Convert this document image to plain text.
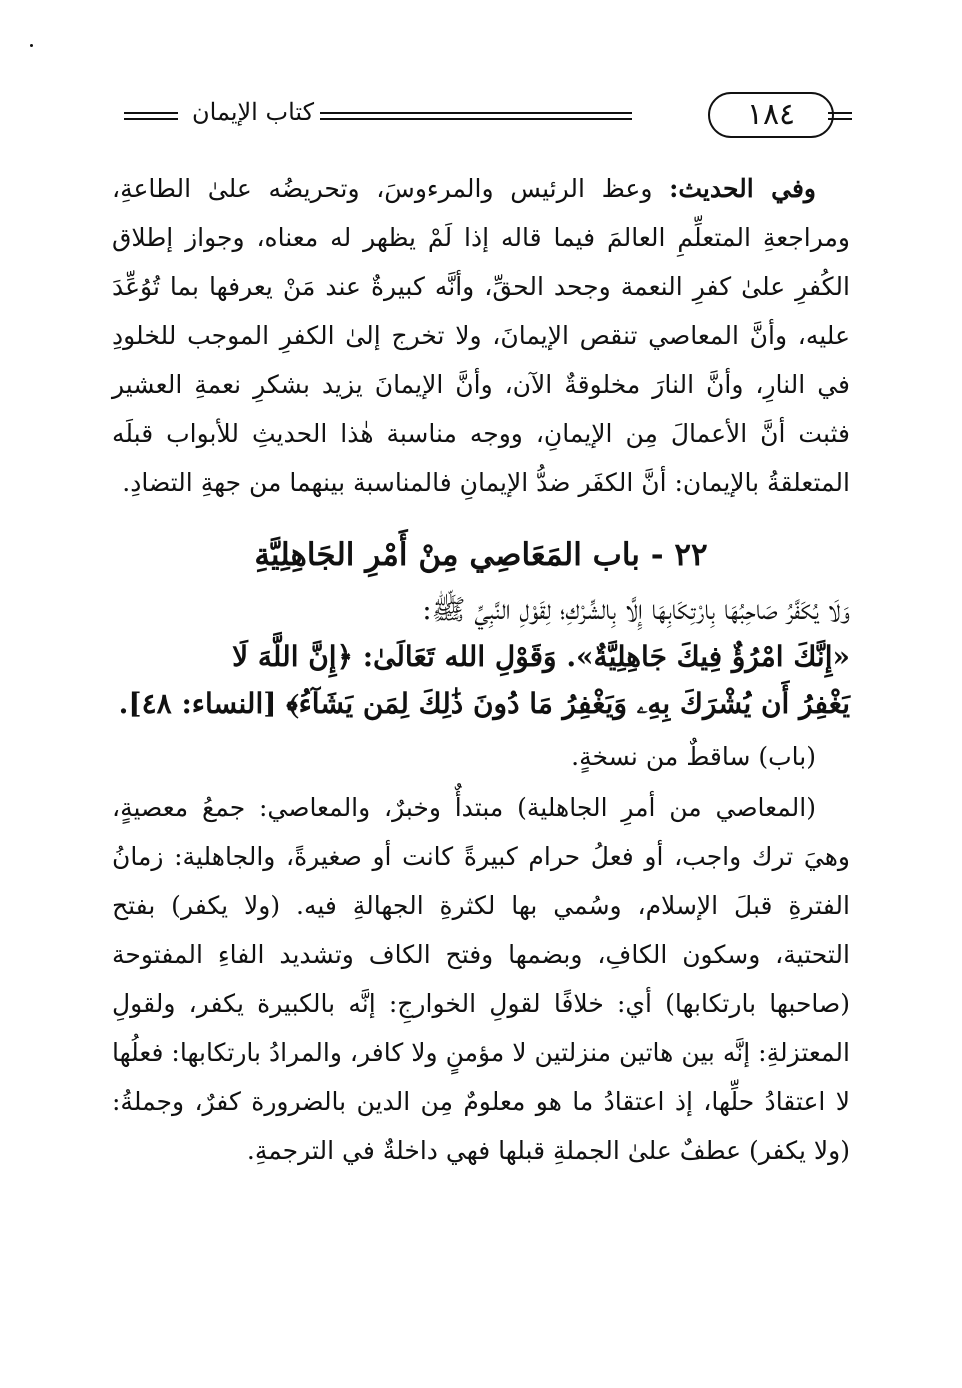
كتاب الإيمان	١٨٤

وفي الحديث: وعظ الرئيس والمرءوسَ، وتحريضُه علىٰ الطاعةِ، ومراجعةِ المتعلِّمِ العالمَ فيما قاله إذا لَمْ يظهر له معناه، وجواز إطلاق الكُفرِ علىٰ كفرِ النعمة وجحد الحقِّ، وأنَّه كبيرةٌ عند مَنْ يعرفها بما تُوُعِّدَ عليه، وأنَّ المعاصي تنقص الإيمانَ، ولا تخرج إلىٰ الكفرِ الموجب للخلودِ في النارِ، وأنَّ النارَ مخلوقةٌ الآن، وأنَّ الإيمانَ يزيد بشكرِ نعمةِ العشير فثبت أنَّ الأعمالَ مِن الإيمانِ، ووجه مناسبة هٰذا الحديثِ للأبواب قبلَه المتعلقةُ بالإيمان: أنَّ الكفَر ضدُّ الإيمانِ فالمناسبة بينهما من جهةِ التضادِ.

٢٢ - باب المَعَاصِي مِنْ أَمْرِ الجَاهِلِيَّةِ

وَلَا يُكَفَّرُ صَاحِبُهَا بِارْتِكَابِهَا إِلَّا بِالشِّرْكِ؛ لِقَوْلِ النَّبِيِّ ﷺ:

«إِنَّكَ امْرُؤٌ فِيكَ جَاهِلِيَّةٌ». وَقَوْلِ الله تَعَالَىٰ: ﴿إِنَّ اللَّهَ لَا

يَغْفِرُ أَن يُشْرَكَ بِهِۦ وَيَغْفِرُ مَا دُونَ ذَٰلِكَ لِمَن يَشَآءُ﴾ [النساء: ٤٨].

(باب) ساقطٌ من نسخةٍ.

(المعاصي من أمرِ الجاهلية) مبتدأٌ وخبرٌ، والمعاصي: جمعُ معصيةٍ، وهيَ ترك واجب، أو فعلُ حرام كبيرةً كانت أو صغيرةً، والجاهلية: زمانُ الفترةِ قبلَ الإسلام، وسُمي بها لكثرةِ الجهالةِ فيه. (ولا يكفر) بفتح التحتية، وسكون الكافِ، وبضمها وفتح الكاف وتشديد الفاءِ المفتوحة (صاحبها بارتكابها) أي: خلافًا لقولِ الخوارجِ: إنَّه بالكبيرة يكفر، ولقولِ المعتزلةِ: إنَّه بين هاتين منزلتين لا مؤمنٍ ولا كافر، والمرادُ بارتكابها: فعلُها لا اعتقادُ حلِّها، إذ اعتقادُ ما هو معلومٌ مِن الدين بالضرورة كفرٌ، وجملةُ: (ولا يكفر) عطفٌ علىٰ الجملةِ قبلها فهي داخلةٌ في الترجمةِ.
